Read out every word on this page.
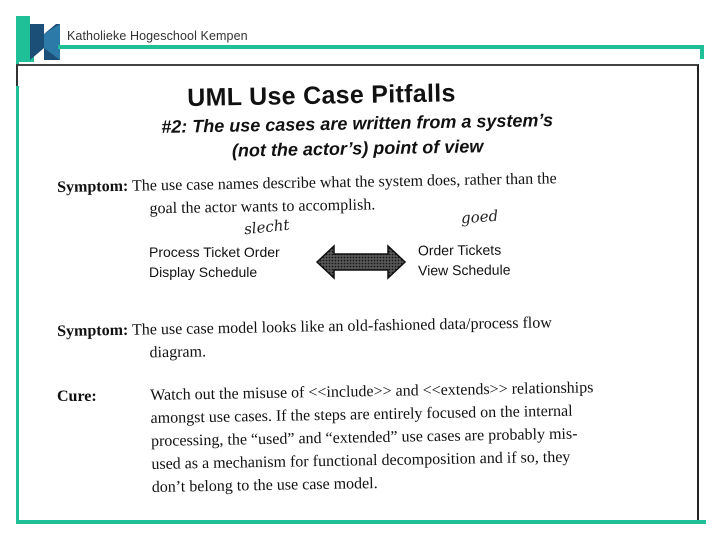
Katholieke Hogeschool Kempen
UML Use Case Pitfalls
#2: The use cases are written from a system’s
(not the actor’s) point of view
Symptom: The use case names describe what the system does, rather than the
goal the actor wants to accomplish.
slecht	goed
Process Ticket Order
Display Schedule
Order Tickets
View Schedule
Symptom: The use case model looks like an old-fashioned data/process flow
diagram.
Cure:	Watch out the misuse of <<include>> and <<extends>> relationships
amongst use cases. If the steps are entirely focused on the internal
processing, the “used” and “extended” use cases are probably mis-
used as a mechanism for functional decomposition and if so, they
don’t belong to the use case model.
